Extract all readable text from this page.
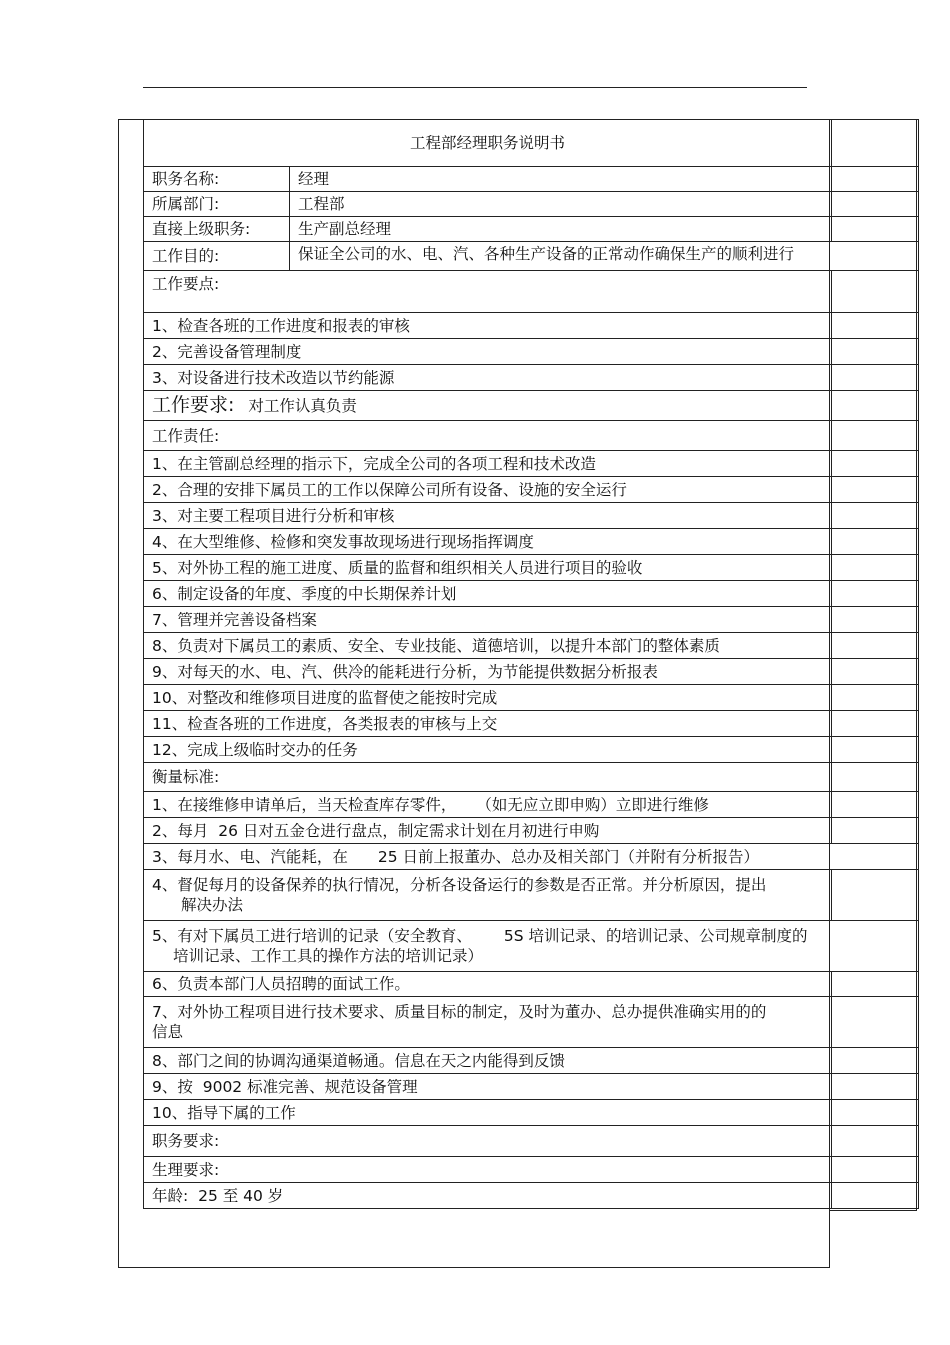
工程部经理职务说明书		
职务名称:	经理	
所属部门:	工程部	
直接上级职务:	生产副总经理	
工作目的:	保证全公司的水、电、汽、各种生产设备的正常动作确保生产的顺利进行	
工作要点:		
1、检查各班的工作进度和报表的审核		
2、完善设备管理制度		
3、对设备进行技术改造以节约能源		
工作要求: 对工作认真负责		
工作责任:		
1、在主管副总经理的指示下，完成全公司的各项工程和技术改造		
2、合理的安排下属员工的工作以保障公司所有设备、设施的安全运行		
3、对主要工程项目进行分析和审核		
4、在大型维修、检修和突发事故现场进行现场指挥调度		
5、对外协工程的施工进度、质量的监督和组织相关人员进行项目的验收		
6、制定设备的年度、季度的中长期保养计划		
7、管理并完善设备档案		
8、负责对下属员工的素质、安全、专业技能、道德培训，以提升本部门的整体素质		
9、对每天的水、电、汽、供冷的能耗进行分析，为节能提供数据分析报表		
10、对整改和维修项目进度的监督使之能按时完成		
11、检查各班的工作进度，各类报表的审核与上交		
12、完成上级临时交办的任务		
衡量标准:		
1、在接维修申请单后，当天检查库存零件， （如无应立即申购）立即进行维修		
2、每月  26 日对五金仓进行盘点，制定需求计划在月初进行申购		
3、每月水、电、汽能耗，在 25 日前上报董办、总办及相关部门（并附有分析报告）		
4、督促每月的设备保养的执行情况，分析各设备运行的参数是否正常。并分析原因，提出
解决办法		
5、有对下属员工进行培训的记录（安全教育、 5S 培训记录、的培训记录、公司规章制度的
培训记录、工作工具的操作方法的培训记录）		
6、负责本部门人员招聘的面试工作。		
7、对外协工程项目进行技术要求、质量目标的制定，及时为董办、总办提供准确实用的的
信息		
8、部门之间的协调沟通渠道畅通。信息在天之内能得到反馈		
9、按  9002 标准完善、规范设备管理		
10、指导下属的工作		
职务要求:		
生理要求:		
年龄:  25 至 40 岁		
